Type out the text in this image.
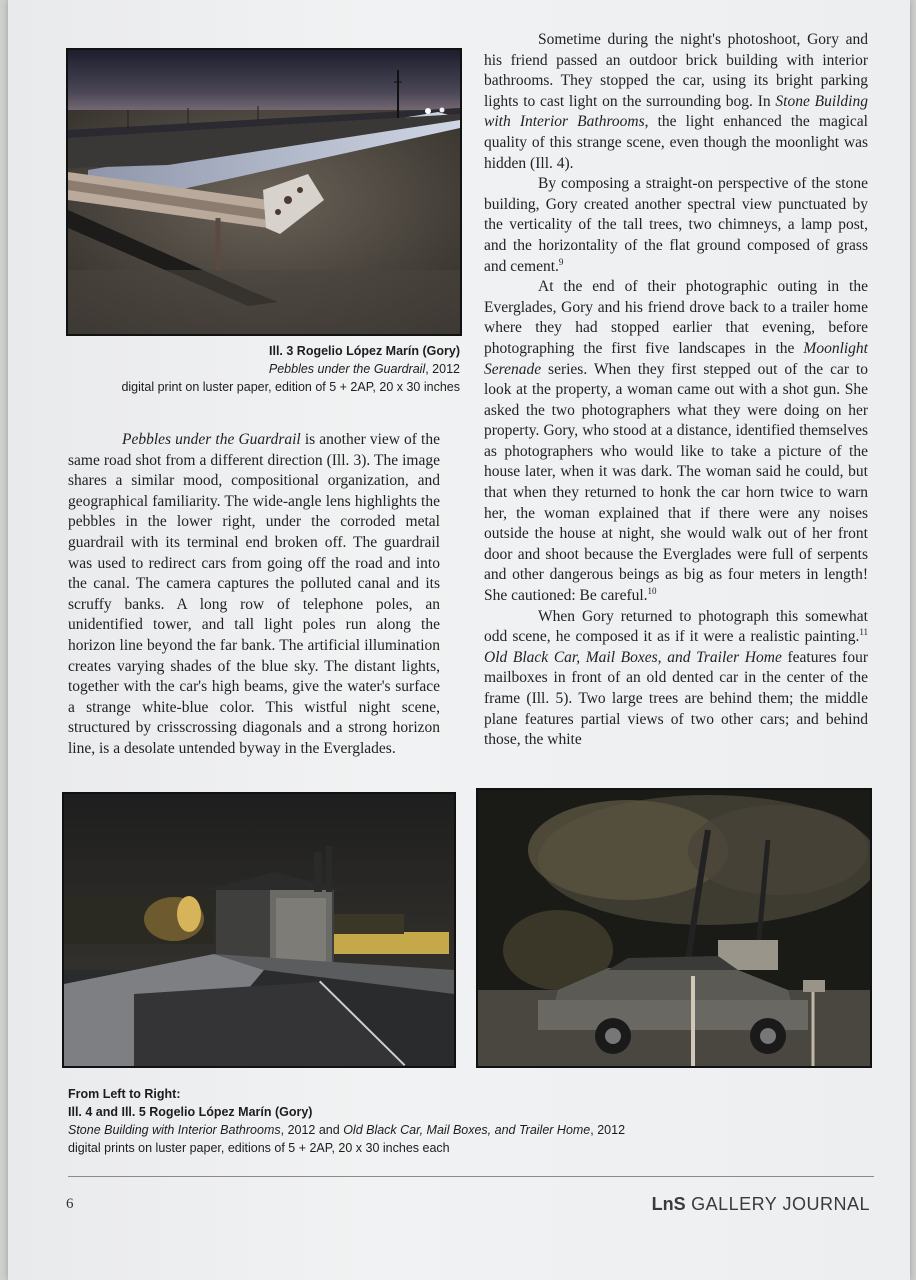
Ill. 3 Rogelio López Marín (Gory)
Pebbles under the Guardrail, 2012
digital print on luster paper, edition of 5 + 2AP, 20 x 30 inches

Pebbles under the Guardrail is another view of the same road shot from a different direction (Ill. 3). The image shares a similar mood, compositional organization, and geographical familiarity. The wide-angle lens highlights the pebbles in the lower right, under the corroded metal guardrail with its terminal end broken off. The guardrail was used to redirect cars from going off the road and into the canal. The camera captures the polluted canal and its scruffy banks. A long row of telephone poles, an unidentified tower, and tall light poles run along the horizon line beyond the far bank. The artificial illumination creates varying shades of the blue sky. The distant lights, together with the car's high beams, give the water's surface a strange white-blue color. This wistful night scene, structured by crisscrossing diagonals and a strong horizon line, is a desolate untended byway in the Everglades.

Sometime during the night's photoshoot, Gory and his friend passed an outdoor brick building with interior bathrooms. They stopped the car, using its bright parking lights to cast light on the surrounding bog. In Stone Building with Interior Bathrooms, the light enhanced the magical quality of this strange scene, even though the moonlight was hidden (Ill. 4).

By composing a straight-on perspective of the stone building, Gory created another spectral view punctuated by the verticality of the tall trees, two chimneys, a lamp post, and the horizontality of the flat ground composed of grass and cement.$^9$

At the end of their photographic outing in the Everglades, Gory and his friend drove back to a trailer home where they had stopped earlier that evening, before photographing the first five landscapes in the Moonlight Serenade series. When they first stepped out of the car to look at the property, a woman came out with a shot gun. She asked the two photographers what they were doing on her property. Gory, who stood at a distance, identified themselves as photographers who would like to take a picture of the house later, when it was dark. The woman said he could, but that when they returned to honk the car horn twice to warn her, the woman explained that if there were any noises outside the house at night, she would walk out of her front door and shoot because the Everglades were full of serpents and other dangerous beings as big as four meters in length! She cautioned: Be careful.$^{10}$

When Gory returned to photograph this somewhat odd scene, he composed it as if it were a realistic painting.$^{11}$ Old Black Car, Mail Boxes, and Trailer Home features four mailboxes in front of an old dented car in the center of the frame (Ill. 5). Two large trees are behind them; the middle plane features partial views of two other cars; and behind those, the white

From Left to Right:
Ill. 4 and Ill. 5 Rogelio López Marín (Gory)
Stone Building with Interior Bathrooms, 2012 and Old Black Car, Mail Boxes, and Trailer Home, 2012
digital prints on luster paper, editions of 5 + 2AP, 20 x 30 inches each
6	LnS GALLERY JOURNAL
